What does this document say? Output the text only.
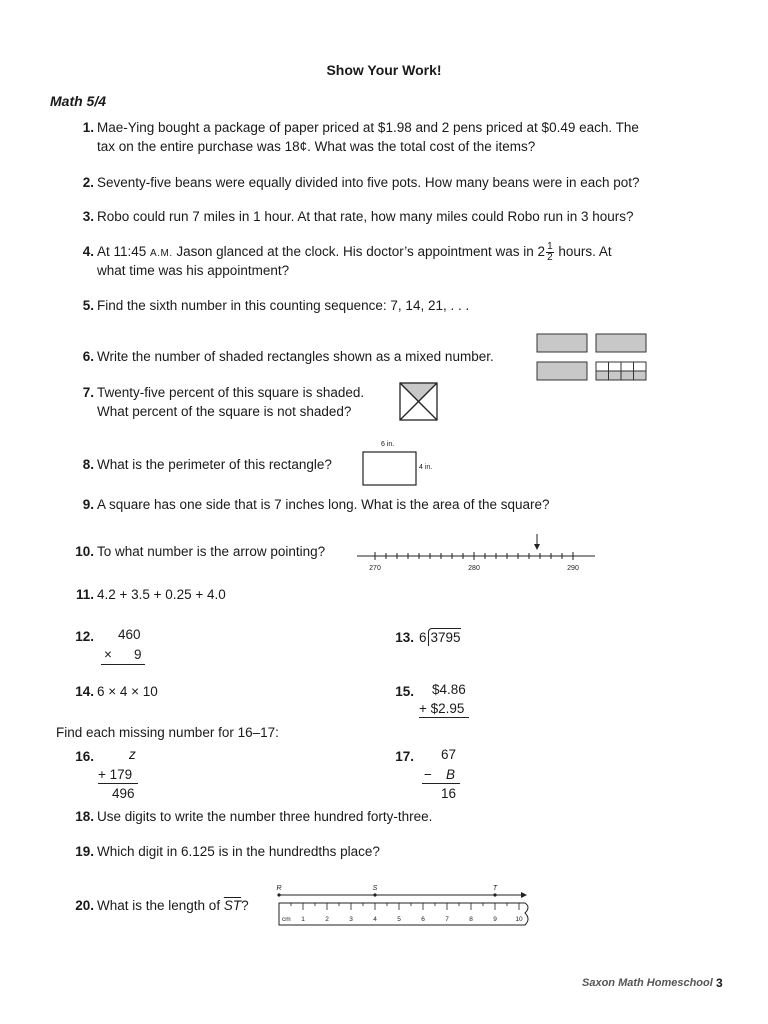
Show Your Work!
Math 5/4
1. Mae-Ying bought a package of paper priced at $1.98 and 2 pens priced at $0.49 each. The
tax on the entire purchase was 18¢. What was the total cost of the items?
2. Seventy-five beans were equally divided into five pots. How many beans were in each pot?
3. Robo could run 7 miles in 1 hour. At that rate, how many miles could Robo run in 3 hours?
4. At 11:45 A.M. Jason glanced at the clock. His doctor’s appointment was in $2 \frac{1}{2}$ hours. At
what time was his appointment?
5. Find the sixth number in this counting sequence: 7, 14, 21, . . .
6. Write the number of shaded rectangles shown as a mixed number.
7. Twenty-five percent of this square is shaded.
What percent of the square is not shaded?
8. What is the perimeter of this rectangle?
6 in.
4 in.
9. A square has one side that is 7 inches long. What is the area of the square?
10. To what number is the arrow pointing?
270	280	290
11. 4.2 + 3.5 + 0.25 + 4.0
12. 460
× 9
13. 6 3795
14. 6 × 4 × 10	15. $4.86
+ $2.95
Find each missing number for 16–17:
16.	z
+ 179
496
17. 67
− B
16
18. Use digits to write the number three hundred forty-three.
19. Which digit in 6.125 is in the hundredths place?
20. What is the length of $\overline{ST}$?
R	S	T
cm 1	2	3	4	5	6	7	8	9	10
Saxon Math Homeschool 3
